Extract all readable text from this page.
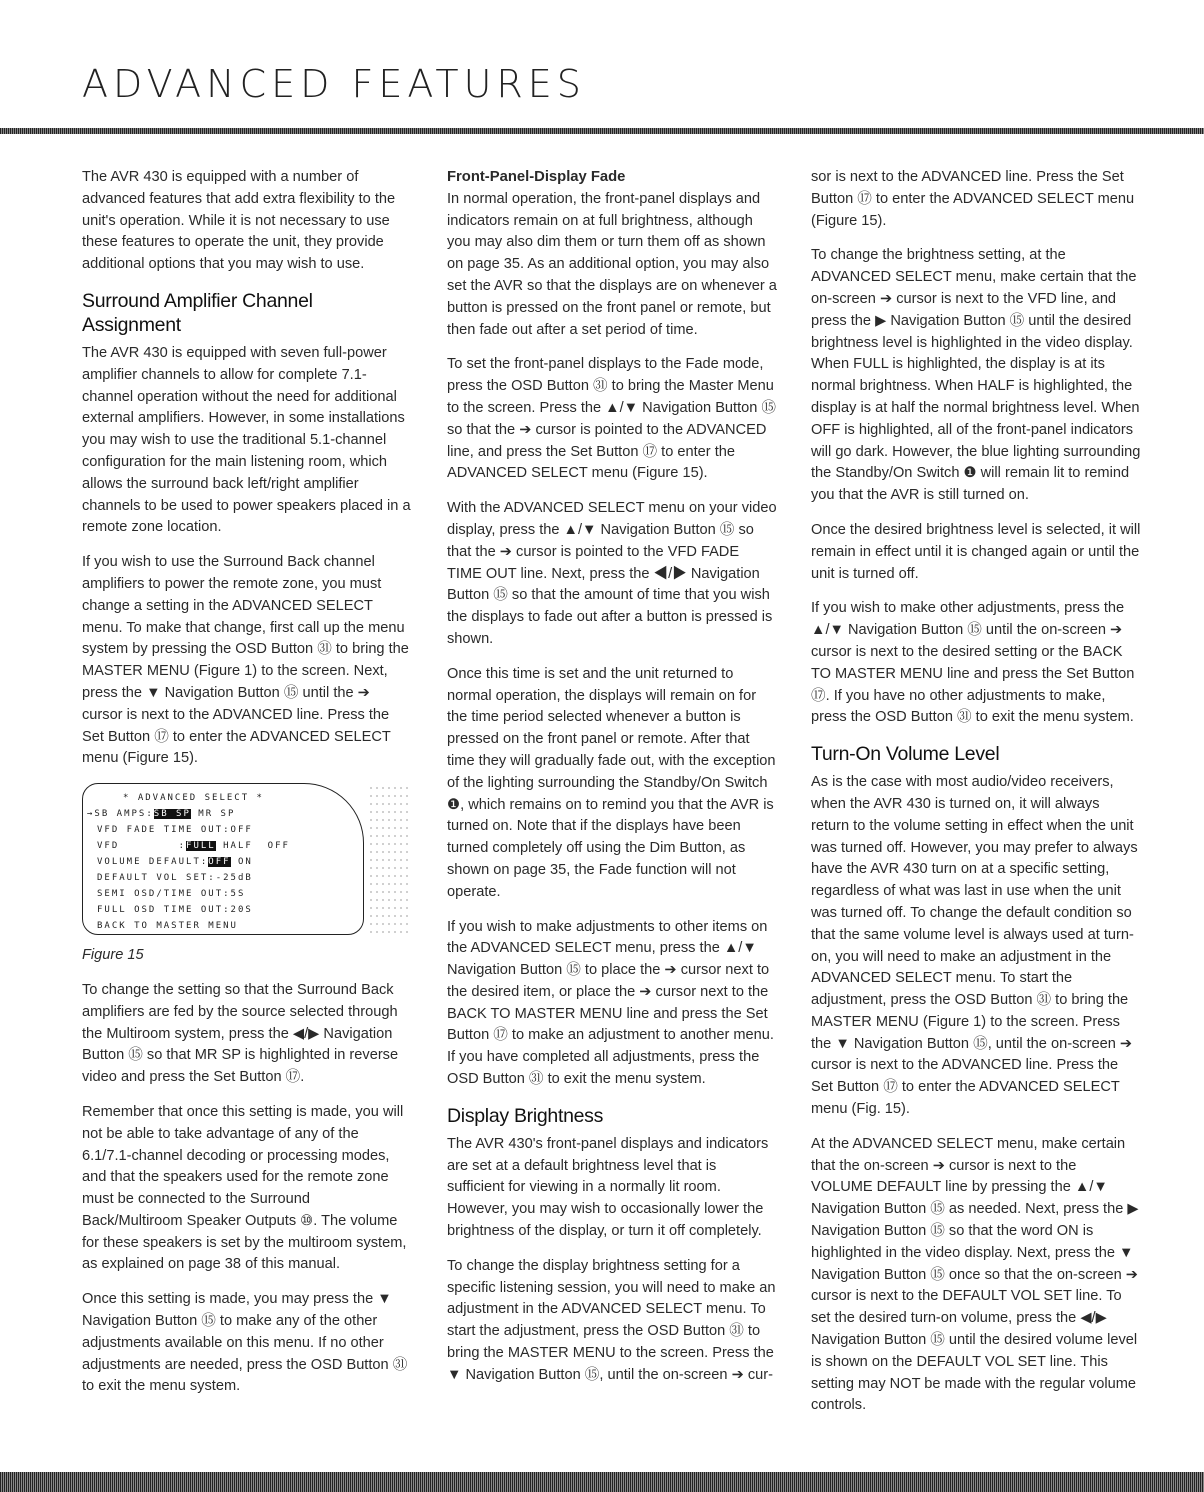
ADVANCED FEATURES

The AVR 430 is equipped with a number of advanced features that add extra flexibility to the unit's operation. While it is not necessary to use these features to operate the unit, they provide additional options that you may wish to use.

Surround Amplifier Channel Assignment

The AVR 430 is equipped with seven full-power amplifier channels to allow for complete 7.1-channel operation without the need for additional external amplifiers. However, in some installations you may wish to use the traditional 5.1-channel configuration for the main listening room, which allows the surround back left/right amplifier channels to be used to power speakers placed in a remote zone location.

If you wish to use the Surround Back channel amplifiers to power the remote zone, you must change a setting in the ADVANCED SELECT menu. To make that change, first call up the menu system by pressing the OSD Button ㉛ to bring the MASTER MENU (Figure 1) to the screen. Next, press the ▼ Navigation Button ⑮ until the ➔ cursor is next to the ADVANCED line. Press the Set Button ⑰ to enter the ADVANCED SELECT menu (Figure 15).

* ADVANCED SELECT *
→SB AMPS:SB SP MR SP
VFD FADE TIME OUT:OFF
VFD        :FULL HALF  OFF
VOLUME DEFAULT:OFF ON
DEFAULT VOL SET:-25dB
SEMI OSD/TIME OUT:5S
FULL OSD TIME OUT:20S
BACK TO MASTER MENU

Figure 15

To change the setting so that the Surround Back amplifiers are fed by the source selected through the Multiroom system, press the ◀/▶ Navigation Button ⑮ so that MR SP is highlighted in reverse video and press the Set Button ⑰.

Remember that once this setting is made, you will not be able to take advantage of any of the 6.1/7.1-channel decoding or processing modes, and that the speakers used for the remote zone must be connected to the Surround Back/Multiroom Speaker Outputs ⑩. The volume for these speakers is set by the multiroom system, as explained on page 38 of this manual.

Once this setting is made, you may press the ▼ Navigation Button ⑮ to make any of the other adjustments available on this menu. If no other adjustments are needed, press the OSD Button ㉛ to exit the menu system.

Front-Panel-Display Fade

In normal operation, the front-panel displays and indicators remain on at full brightness, although you may also dim them or turn them off as shown on page 35. As an additional option, you may also set the AVR so that the displays are on whenever a button is pressed on the front panel or remote, but then fade out after a set period of time.

To set the front-panel displays to the Fade mode, press the OSD Button ㉛ to bring the Master Menu to the screen. Press the ▲/▼ Navigation Button ⑮ so that the ➔ cursor is pointed to the ADVANCED line, and press the Set Button ⑰ to enter the ADVANCED SELECT menu (Figure 15).

With the ADVANCED SELECT menu on your video display, press the ▲/▼ Navigation Button ⑮ so that the ➔ cursor is pointed to the VFD FADE TIME OUT line. Next, press the ◀/▶ Navigation Button ⑮ so that the amount of time that you wish the displays to fade out after a button is pressed is shown.

Once this time is set and the unit returned to normal operation, the displays will remain on for the time period selected whenever a button is pressed on the front panel or remote. After that time they will gradually fade out, with the exception of the lighting surrounding the Standby/On Switch ❶, which remains on to remind you that the AVR is turned on. Note that if the displays have been turned completely off using the Dim Button, as shown on page 35, the Fade function will not operate.

If you wish to make adjustments to other items on the ADVANCED SELECT menu, press the ▲/▼ Navigation Button ⑮ to place the ➔ cursor next to the desired item, or place the ➔ cursor next to the BACK TO MASTER MENU line and press the Set Button ⑰ to make an adjustment to another menu. If you have completed all adjustments, press the OSD Button ㉛ to exit the menu system.

Display Brightness

The AVR 430's front-panel displays and indicators are set at a default brightness level that is sufficient for viewing in a normally lit room. However, you may wish to occasionally lower the brightness of the display, or turn it off completely.

To change the display brightness setting for a specific listening session, you will need to make an adjustment in the ADVANCED SELECT menu. To start the adjustment, press the OSD Button ㉛ to bring the MASTER MENU to the screen. Press the ▼ Navigation Button ⑮, until the on-screen ➔ cur-

sor is next to the ADVANCED line. Press the Set Button ⑰ to enter the ADVANCED SELECT menu (Figure 15).

To change the brightness setting, at the ADVANCED SELECT menu, make certain that the on-screen ➔ cursor is next to the VFD line, and press the ▶ Navigation Button ⑮ until the desired brightness level is highlighted in the video display. When FULL is highlighted, the display is at its normal brightness. When HALF is highlighted, the display is at half the normal brightness level. When OFF is highlighted, all of the front-panel indicators will go dark. However, the blue lighting surrounding the Standby/On Switch ❶ will remain lit to remind you that the AVR is still turned on.

Once the desired brightness level is selected, it will remain in effect until it is changed again or until the unit is turned off.

If you wish to make other adjustments, press the ▲/▼ Navigation Button ⑮ until the on-screen ➔ cursor is next to the desired setting or the BACK TO MASTER MENU line and press the Set Button ⑰. If you have no other adjustments to make, press the OSD Button ㉛ to exit the menu system.

Turn-On Volume Level

As is the case with most audio/video receivers, when the AVR 430 is turned on, it will always return to the volume setting in effect when the unit was turned off. However, you may prefer to always have the AVR 430 turn on at a specific setting, regardless of what was last in use when the unit was turned off. To change the default condition so that the same volume level is always used at turn-on, you will need to make an adjustment in the ADVANCED SELECT menu. To start the adjustment, press the OSD Button ㉛ to bring the MASTER MENU (Figure 1) to the screen. Press the ▼ Navigation Button ⑮, until the on-screen ➔ cursor is next to the ADVANCED line. Press the Set Button ⑰ to enter the ADVANCED SELECT menu (Fig. 15).

At the ADVANCED SELECT menu, make certain that the on-screen ➔ cursor is next to the VOLUME DEFAULT line by pressing the ▲/▼ Navigation Button ⑮ as needed. Next, press the ▶ Navigation Button ⑮ so that the word ON is highlighted in the video display. Next, press the ▼ Navigation Button ⑮ once so that the on-screen ➔ cursor is next to the DEFAULT VOL SET line. To set the desired turn-on volume, press the ◀/▶ Navigation Button ⑮ until the desired volume level is shown on the DEFAULT VOL SET line. This setting may NOT be made with the regular volume controls.
